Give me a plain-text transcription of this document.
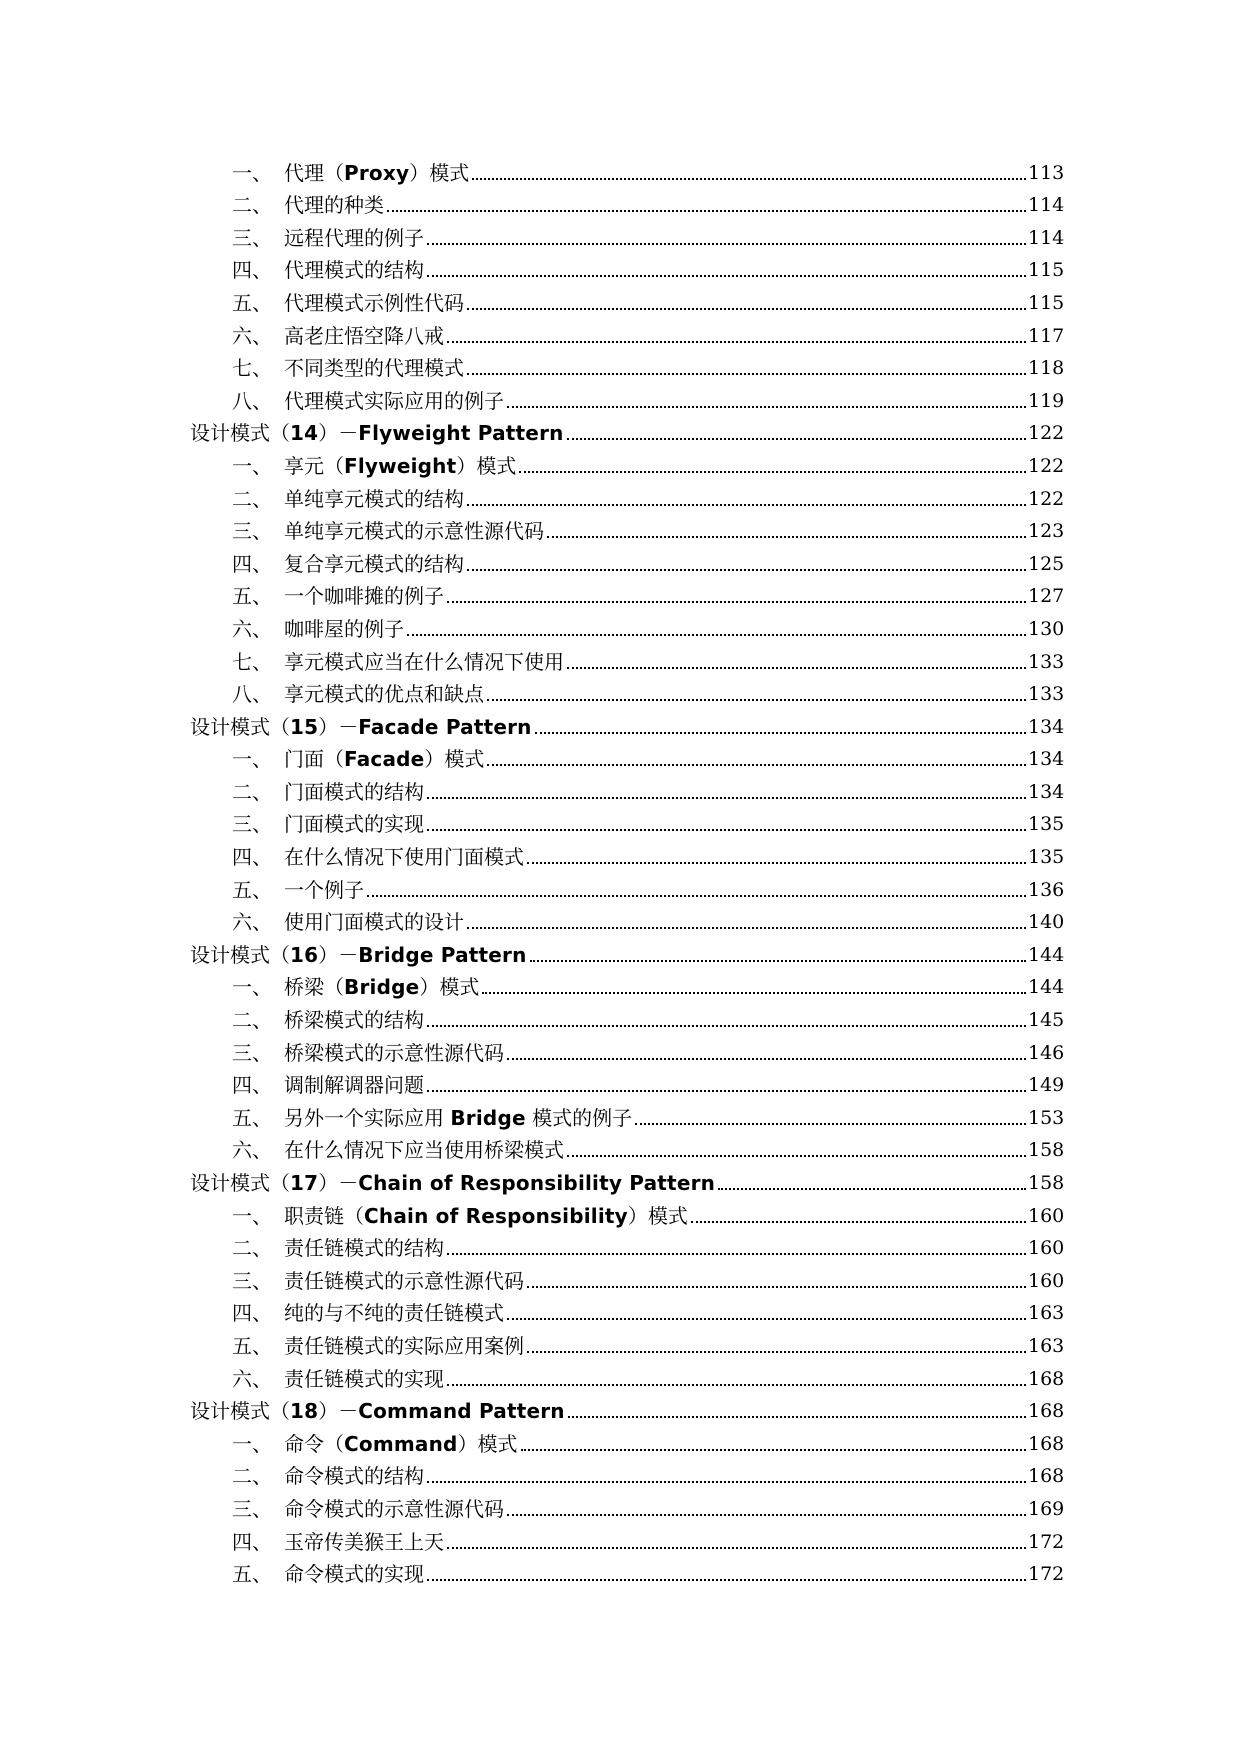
一、 代理（Proxy）模式	113
二、 代理的种类	114
三、 远程代理的例子	114
四、 代理模式的结构	115
五、 代理模式示例性代码	115
六、 高老庄悟空降八戒	117
七、 不同类型的代理模式	118
八、 代理模式实际应用的例子	119
设计模式（14）－Flyweight Pattern	122
一、 享元（Flyweight）模式	122
二、 单纯享元模式的结构	122
三、 单纯享元模式的示意性源代码	123
四、 复合享元模式的结构	125
五、 一个咖啡摊的例子	127
六、 咖啡屋的例子	130
七、 享元模式应当在什么情况下使用	133
八、 享元模式的优点和缺点	133
设计模式（15）－Facade Pattern	134
一、 门面（Facade）模式	134
二、 门面模式的结构	134
三、 门面模式的实现	135
四、 在什么情况下使用门面模式	135
五、 一个例子	136
六、 使用门面模式的设计	140
设计模式（16）－Bridge Pattern	144
一、 桥梁（Bridge）模式	144
二、 桥梁模式的结构	145
三、 桥梁模式的示意性源代码	146
四、 调制解调器问题	149
五、 另外一个实际应用 Bridge 模式的例子	153
六、 在什么情况下应当使用桥梁模式	158
设计模式（17）－Chain of Responsibility Pattern	158
一、 职责链（Chain of Responsibility）模式	160
二、 责任链模式的结构	160
三、 责任链模式的示意性源代码	160
四、 纯的与不纯的责任链模式	163
五、 责任链模式的实际应用案例	163
六、 责任链模式的实现	168
设计模式（18）－Command Pattern	168
一、 命令（Command）模式	168
二、 命令模式的结构	168
三、 命令模式的示意性源代码	169
四、 玉帝传美猴王上天	172
五、 命令模式的实现	172
